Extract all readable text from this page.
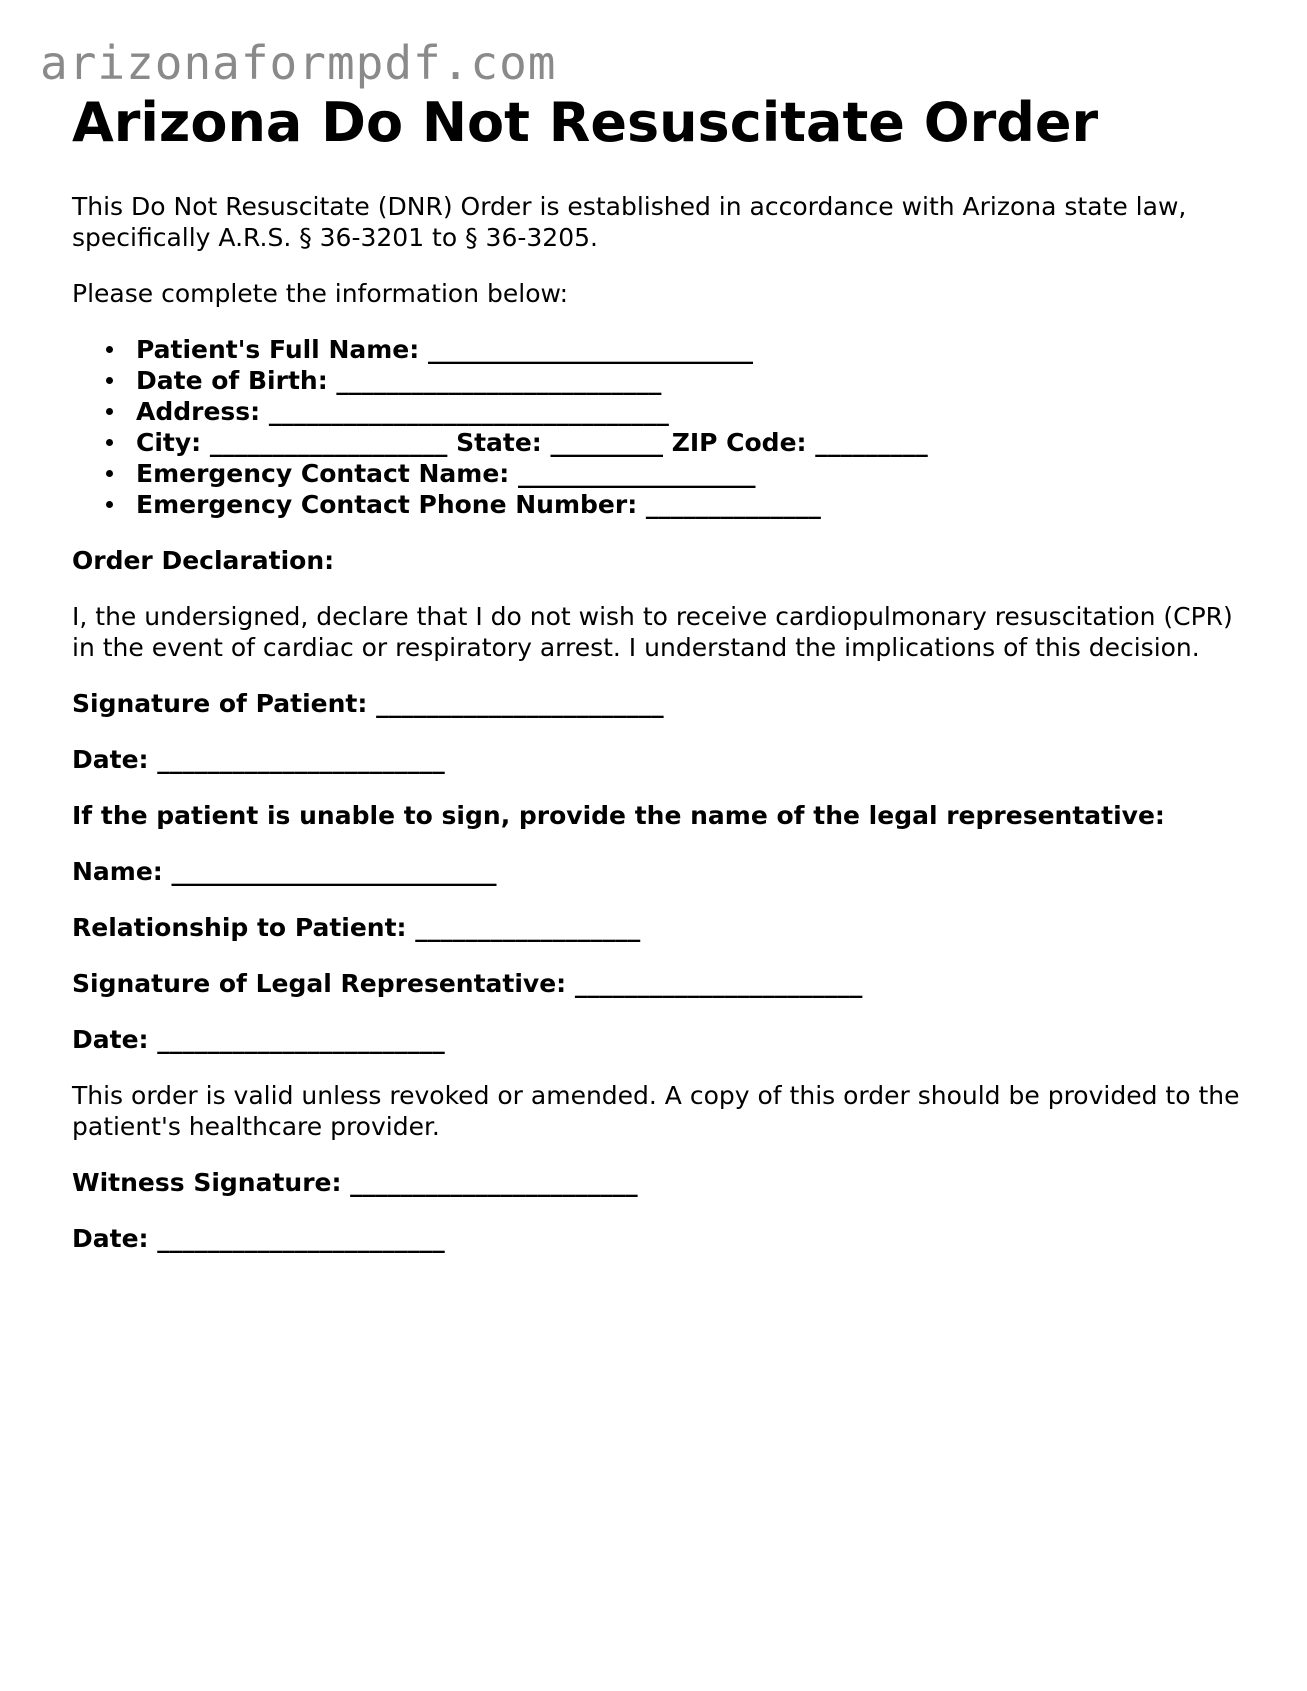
arizonaformpdf.com
Arizona Do Not Resuscitate Order

This Do Not Resuscitate (DNR) Order is established in accordance with Arizona state law, specifically A.R.S. § 36-3201 to § 36-3205.

Please complete the information below:

Patient's Full Name: __________________________
Date of Birth: __________________________
Address: ________________________________
City: ___________________ State: _________ ZIP Code: _________
Emergency Contact Name: ___________________
Emergency Contact Phone Number: ______________

Order Declaration:

I, the undersigned, declare that I do not wish to receive cardiopulmonary resuscitation (CPR) in the event of cardiac or respiratory arrest. I understand the implications of this decision.

Signature of Patient: _______________________

Date: _______________________

If the patient is unable to sign, provide the name of the legal representative:

Name: __________________________

Relationship to Patient: __________________

Signature of Legal Representative: _______________________

Date: _______________________

This order is valid unless revoked or amended. A copy of this order should be provided to the patient's healthcare provider.

Witness Signature: _______________________

Date: _______________________
